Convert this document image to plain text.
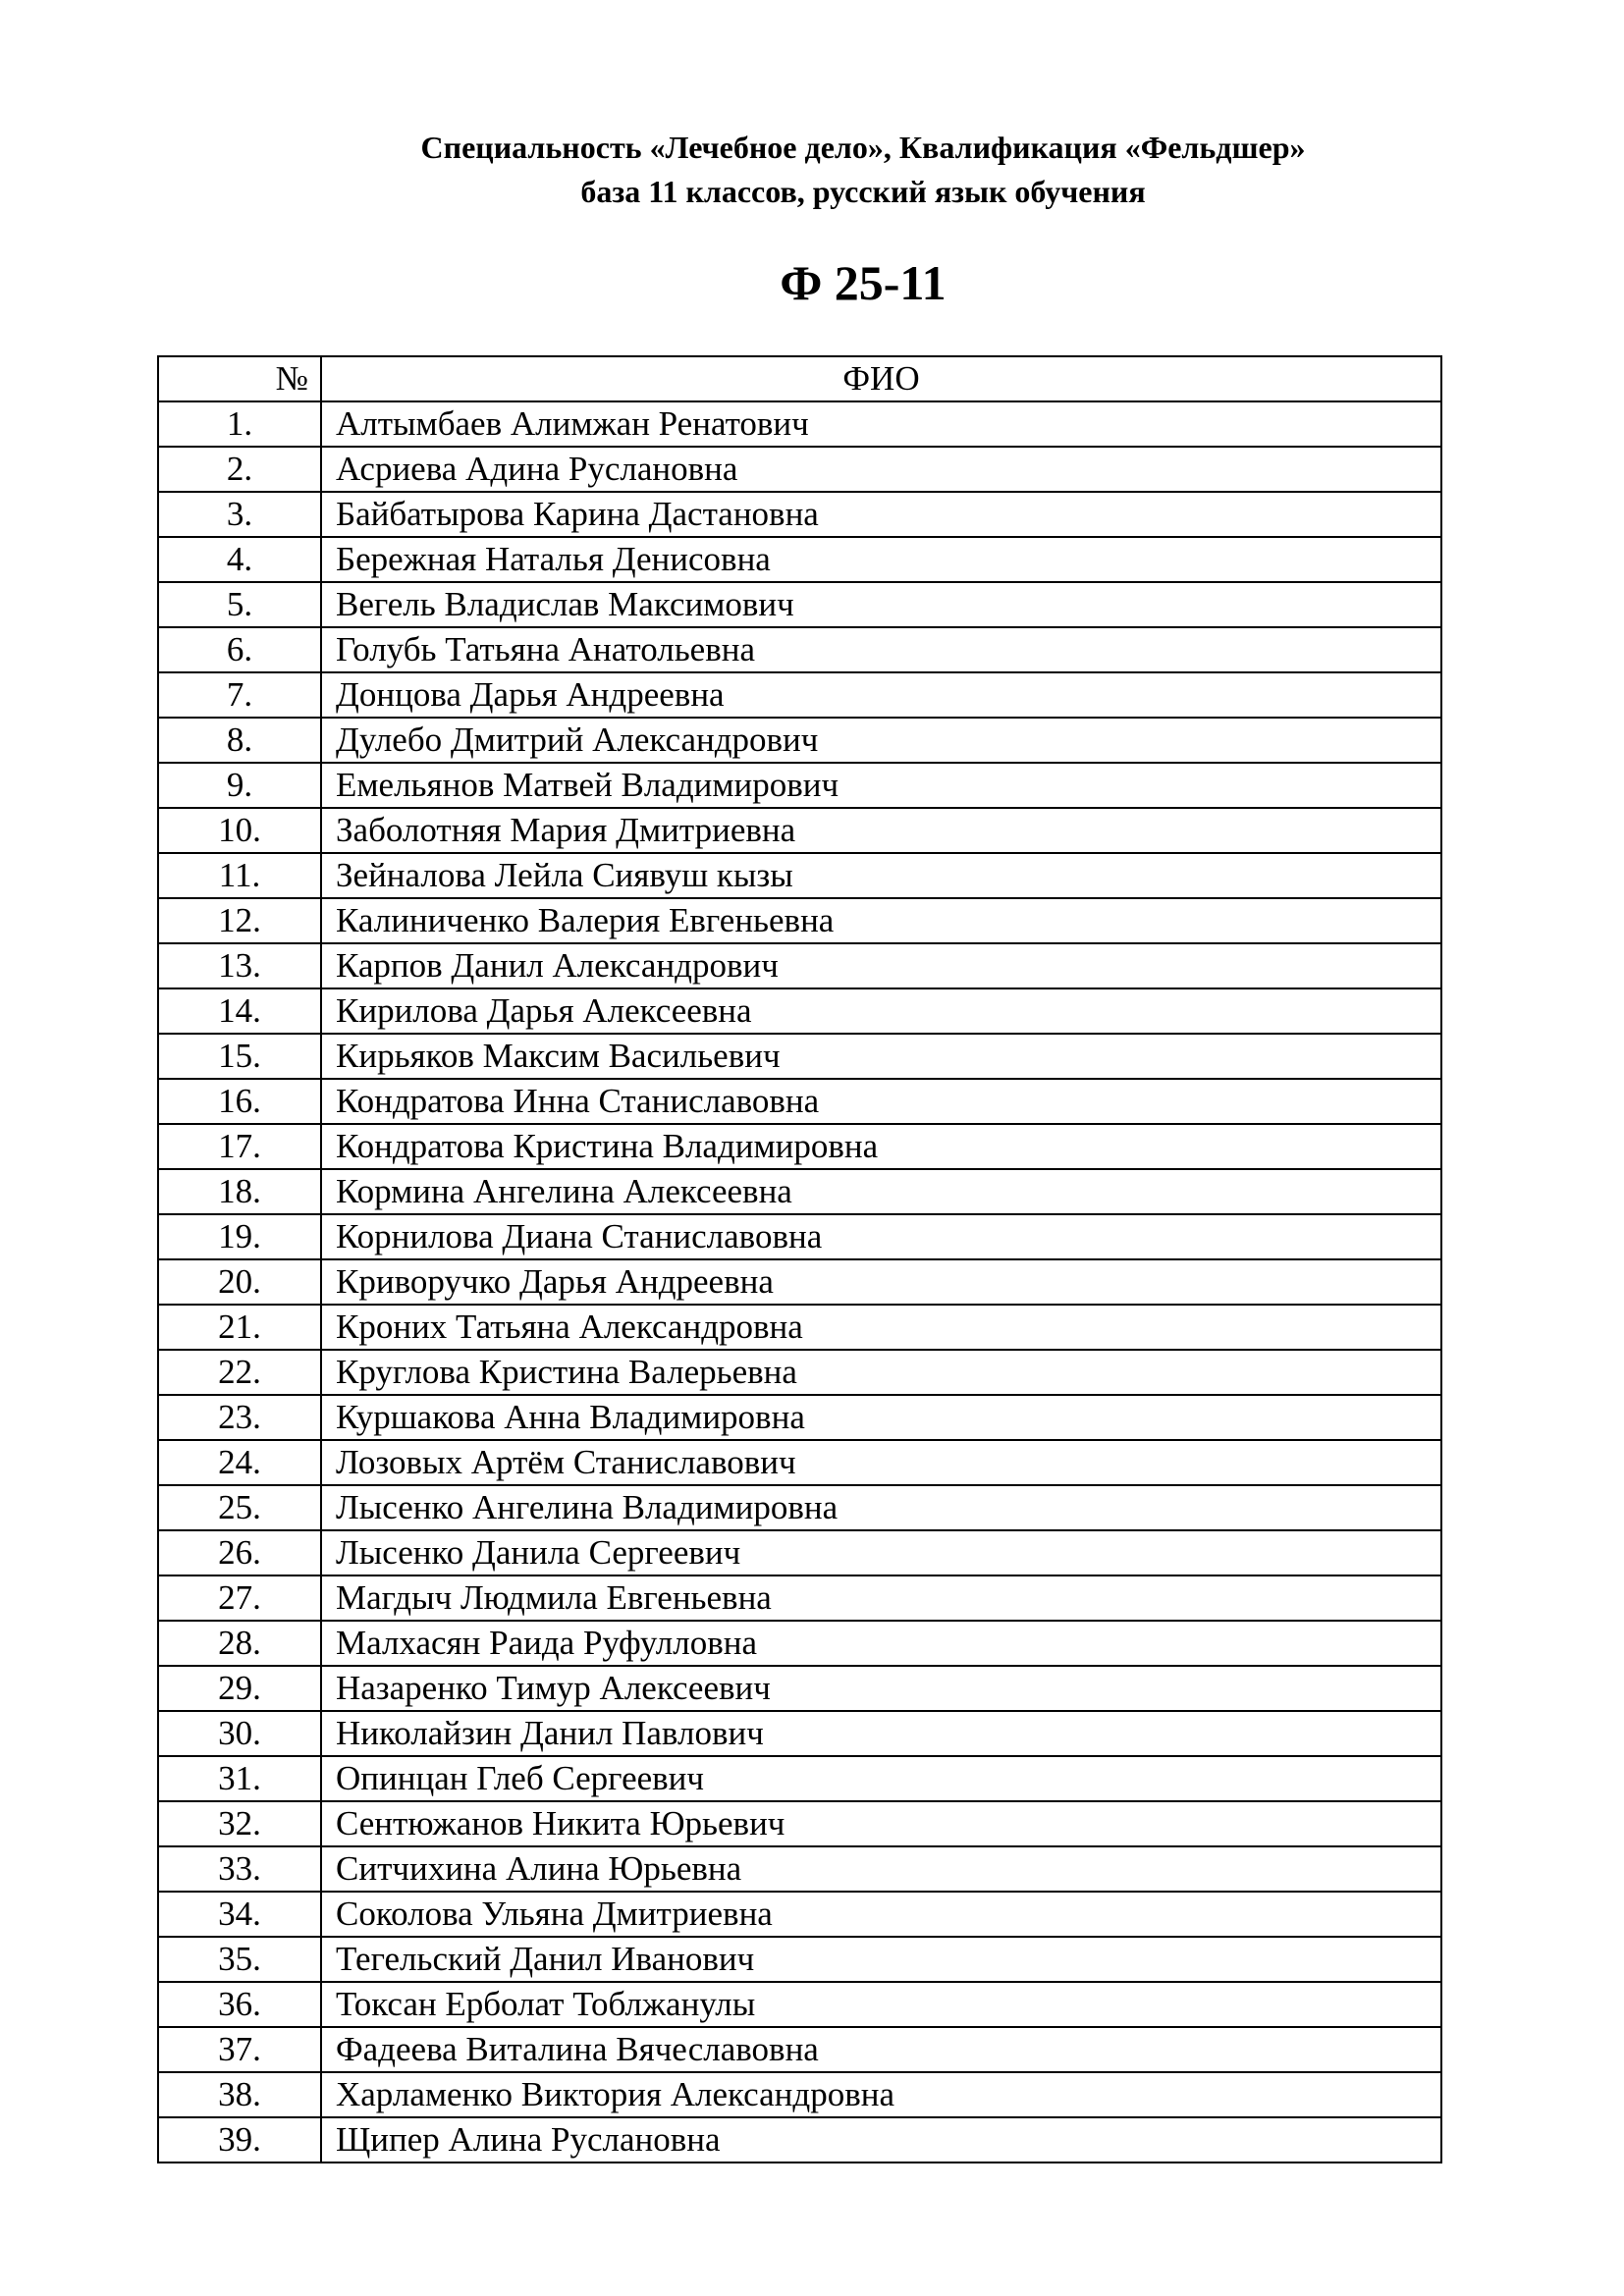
Специальность «Лечебное дело», Квалификация «Фельдшер»
база 11 классов, русский язык обучения
Ф 25-11
№	ФИО
1.	Алтымбаев Алимжан Ренатович
2.	Асриева Адина Руслановна
3.	Байбатырова Карина Дастановна
4.	Бережная Наталья Денисовна
5.	Вегель Владислав Максимович
6.	Голубь Татьяна Анатольевна
7.	Донцова Дарья Андреевна
8.	Дулебо Дмитрий Александрович
9.	Емельянов Матвей Владимирович
10.	Заболотняя Мария Дмитриевна
11.	Зейналова Лейла Сиявуш кызы
12.	Калиниченко Валерия Евгеньевна
13.	Карпов Данил Александрович
14.	Кирилова Дарья Алексеевна
15.	Кирьяков Максим Васильевич
16.	Кондратова Инна Станиславовна
17.	Кондратова Кристина Владимировна
18.	Кормина Ангелина Алексеевна
19.	Корнилова Диана Станиславовна
20.	Криворучко Дарья Андреевна
21.	Кроних Татьяна Александровна
22.	Круглова Кристина Валерьевна
23.	Куршакова Анна Владимировна
24.	Лозовых Артём Станиславович
25.	Лысенко Ангелина Владимировна
26.	Лысенко Данила Сергеевич
27.	Магдыч Людмила Евгеньевна
28.	Малхасян Раида Руфулловна
29.	Назаренко Тимур Алексеевич
30.	Николайзин Данил Павлович
31.	Опинцан Глеб Сергеевич
32.	Сентюжанов Никита Юрьевич
33.	Ситчихина Алина Юрьевна
34.	Соколова Ульяна Дмитриевна
35.	Тегельский Данил Иванович
36.	Токсан Ерболат Тоблжанулы
37.	Фадеева Виталина Вячеславовна
38.	Харламенко Виктория Александровна
39.	Щипер Алина Руслановна
